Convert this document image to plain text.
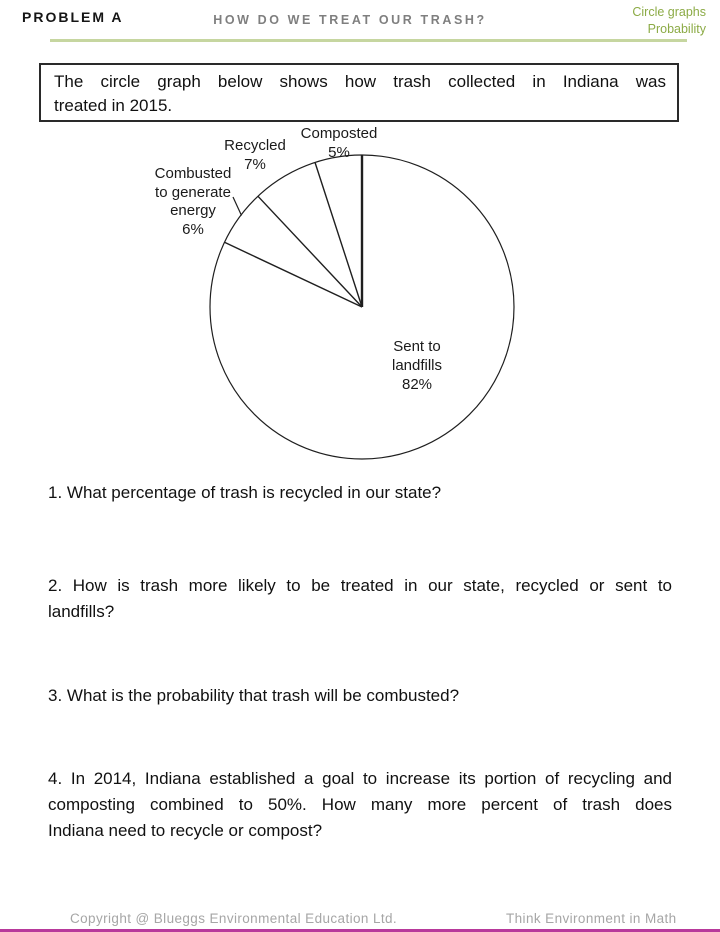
PROBLEM A	HOW DO WE TREAT OUR TRASH?
Circle graphs
Probability
The circle graph below shows how trash collected in Indiana was
treated in 2015.
Composted
5%
Recycled
7%
Combusted
to generate
energy
6%
Sent to
landfills
82%
1. What percentage of trash is recycled in our state?
2. How is trash more likely to be treated in our state, recycled or sent to
landfills?
3. What is the probability that trash will be combusted?
4. In 2014, Indiana established a goal to increase its portion of recycling and
composting combined to 50%. How many more percent of trash does
Indiana need to recycle or compost?
Copyright @ Blueggs Environmental Education Ltd.	Think Environment in Math
